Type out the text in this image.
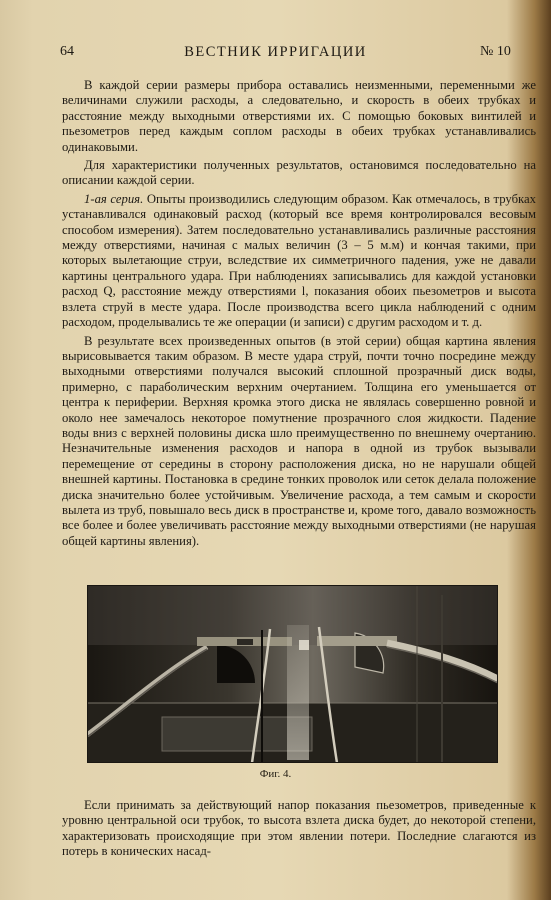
64	ВЕСТНИК ИРРИГАЦИИ	№ 10

В каждой серии размеры прибора оставались неизменными, переменными же величинами служили расходы, а следовательно, и скорость в обеих трубках и расстояние между выходными отверстиями их. С помощью боковых винтилей и пьезометров перед каждым соплом расходы в обеих трубках устанавливались одинаковыми.

Для характеристики полученных результатов, остановимся последовательно на описании каждой серии.

1-ая серия. Опыты производились следующим образом. Как отмечалось, в трубках устанавливался одинаковый расход (который все время контролировался весовым способом измерения). Затем последовательно устанавливались различные расстояния между отверстиями, начиная с малых величин (3 – 5 м.м) и кончая такими, при которых вылетающие струи, вследствие их симметричного падения, уже не давали картины центрального удара. При наблюдениях записывались для каждой установки расход Q, расстояние между отверстиями l, показания обоих пьезометров и высота взлета струй в месте удара. После производства всего цикла наблюдений с одним расходом, проделывались те же операции (и записи) с другим расходом и т. д.

В результате всех произведенных опытов (в этой серии) общая картина явления вырисовывается таким образом. В месте удара струй, почти точно посредине между выходными отверстиями получался высокий сплошной прозрачный диск воды, примерно, с параболическим верхним очертанием. Толщина его уменьшается от центра к периферии. Верхняя кромка этого диска не являлась совершенно ровной и около нее замечалось некоторое помутнение прозрачного слоя жидкости. Падение воды вниз с верхней половины диска шло преимущественно по внешнему очертанию. Незначительные изменения расходов и напора в одной из трубок вызывали перемещение от середины в сторону расположения диска, но не нарушали общей внешней картины. Постановка в средине тонких проволок или сеток делала положение диска значительно более устойчивым. Увеличение расхода, а тем самым и скорости вылета из труб, повышало весь диск в пространстве и, кроме того, давало возможность все более и более увеличивать расстояние между выходными отверстиями (не нарушая общей картины явления).

Фиг. 4.

Если принимать за действующий напор показания пьезометров, приведенные к уровню центральной оси трубок, то высота взлета диска будет, до некоторой степени, характеризовать происходящие при этом явлении потери. Последние слагаются из потерь в конических насад-
